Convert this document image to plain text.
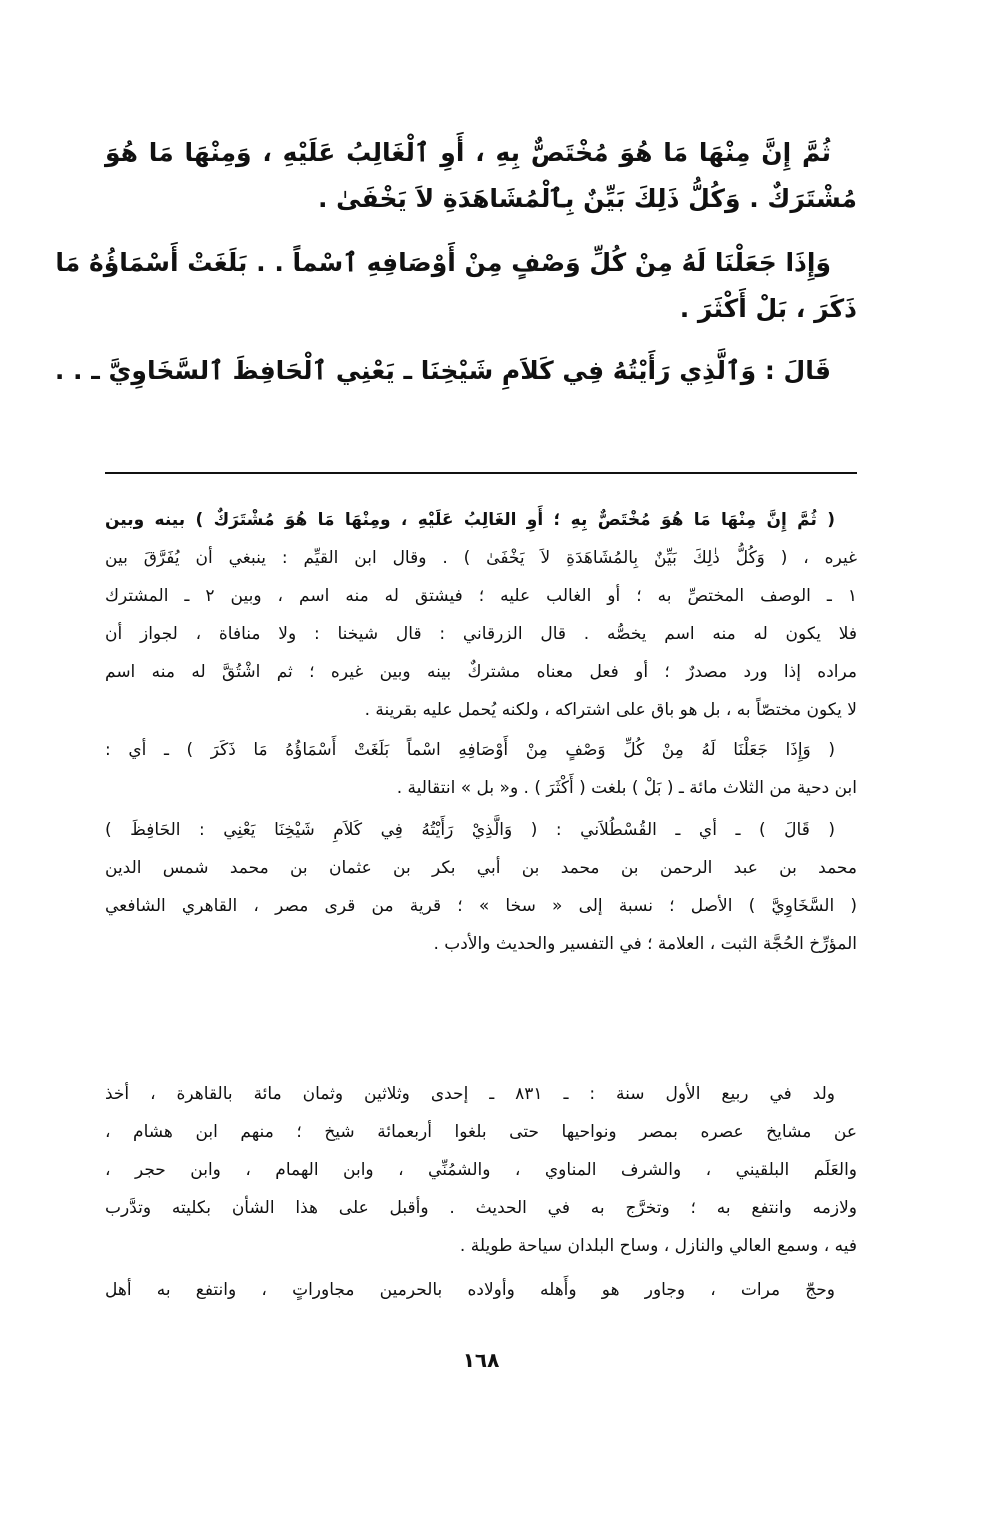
ثُمَّ إِنَّ مِنْهَا مَا هُوَ مُخْتَصٌّ بِهِ ، أَوِ ٱلْغَالِبُ عَلَيْهِ ، وَمِنْهَا مَا هُوَ
مُشْتَرَكٌ . وَكُلُّ ذَلِكَ بَيِّنٌ بِٱلْمُشَاهَدَةِ لاَ يَخْفَىٰ .
وَإِذَا جَعَلْنَا لَهُ مِنْ كُلِّ وَصْفٍ مِنْ أَوْصَافِهِ ٱسْماً . . بَلَغَتْ أَسْمَاؤُهُ مَا
ذَكَرَ ، بَلْ أَكْثَرَ .
قَالَ : وَٱلَّذِي رَأَيْتُهُ فِي كَلاَمِ شَيْخِنَا ـ يَعْنِي ٱلْحَافِظَ ٱلسَّخَاوِيَّ ـ . .
( ثُمَّ إِنَّ مِنْهَا مَا هُوَ مُخْتَصٌّ بِهِ ؛ أَوِ الغَالِبُ عَلَيْهِ ، ومِنْهَا مَا هُوَ مُشْتَرَكٌ ) بينه وبين
غيره ، ( وَكُلُّ ذٰلِكَ بَيِّنٌ بِالمُشَاهَدَةِ لاَ يَخْفَىٰ ) . وقال ابن القيِّم : ينبغي أن يُفَرَّقَ بين
١ ـ الوصف المختصِّ به ؛ أو الغالب عليه ؛ فيشتق له منه اسم ، وبين ٢ ـ المشترك
فلا يكون له منه اسم يخصُّه . قال الزرقاني : قال شيخنا : ولا منافاة ، لجواز أن
مراده إذا ورد مصدرٌ ؛ أو فعل معناه مشتركٌ بينه وبين غيره ؛ ثم اشْتُقَّ له منه اسم
لا يكون مختصّاً به ، بل هو باق على اشتراكه ، ولكنه يُحمل عليه بقرينة .
( وَإِذَا جَعَلْنَا لَهُ مِنْ كُلِّ وَصْفٍ مِنْ أَوْصَافِهِ اسْماً بَلَغَتْ أَسْمَاؤُهُ مَا ذَكَرَ ) ـ أي :
ابن دحية من الثلاث مائة ـ ( بَلْ ) بلغت ( أَكْثَرَ ) . و« بل » انتقالية .
( قَالَ ) ـ أي ـ القُسْطُلاَني : ( وَالَّذِيْ رَأَيْتُهُ فِي كَلاَمِ شَيْخِنَا يَعْنِي : الحَافِظَ )
محمد بن عبد الرحمن بن محمد بن أبي بكر بن عثمان بن محمد شمس الدين
( السَّخَاوِيَّ ) الأصل ؛ نسبة إلى « سخا » ؛ قرية من قرى مصر ، القاهري الشافعي
المؤرِّخ الحُجَّة الثبت ، العلامة ؛ في التفسير والحديث والأدب .
ولد في ربيع الأول سنة : ـ ٨٣١ ـ إحدى وثلاثين وثمان مائة بالقاهرة ، أخذ
عن مشايخ عصره بمصر ونواحيها حتى بلغوا أربعمائة شيخ ؛ منهم ابن هشام ،
والعَلَم البلقيني ، والشرف المناوي ، والشمُنِّي ، وابن الهمام ، وابن حجر ،
ولازمه وانتفع به ؛ وتخرَّج به في الحديث . وأقبل على هذا الشأن بكليته وتدَّرب
فيه ، وسمع العالي والنازل ، وساح البلدان سياحة طويلة .
وحجّ مرات ، وجاور هو وأَهله وأولاده بالحرمين مجاوراتٍ ، وانتفع به أهل
١٦٨
